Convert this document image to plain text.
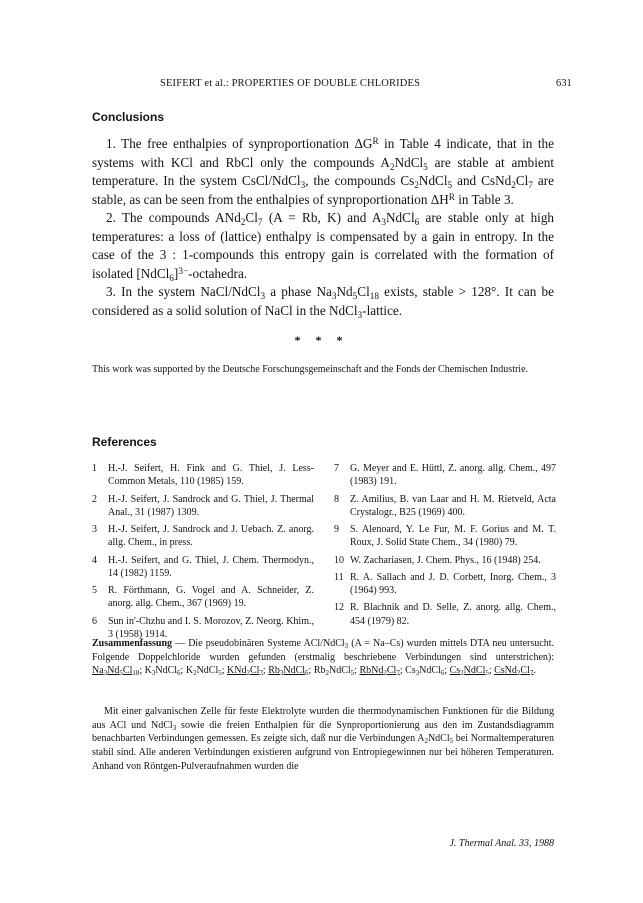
SEIFERT et al.: PROPERTIES OF DOUBLE CHLORIDES	631
Conclusions

1. The free enthalpies of synproportionation $\Delta G^R$ in Table 4 indicate, that in the systems with KCl and RbCl only the compounds $A_2NdCl_5$ are stable at ambient temperature. In the system CsCl/NdCl$_3$, the compounds $Cs_2NdCl_5$ and $CsNd_2Cl_7$ are stable, as can be seen from the enthalpies of synproportionation $\Delta H^R$ in Table 3.

2. The compounds $ANd_2Cl_7$ (A = Rb, K) and $A_3NdCl_6$ are stable only at high temperatures: a loss of (lattice) enthalpy is compensated by a gain in entropy. In the case of the 3 : 1-compounds this entropy gain is correlated with the formation of isolated [NdCl$_6$]$^{3-}$-octahedra.

3. In the system NaCl/NdCl$_3$ a phase $Na_3Nd_5Cl_{18}$ exists, stable > 128°. It can be considered as a solid solution of NaCl in the NdCl$_3$-lattice.

* * *

This work was supported by the Deutsche Forschungsgemeinschaft and the Fonds der Chemischen Industrie.

References
1	H.-J. Seifert, H. Fink and G. Thiel, J. Less-Common Metals, 110 (1985) 159.
2	H.-J. Seifert, J. Sandrock and G. Thiel, J. Thermal Anal., 31 (1987) 1309.
3	H.-J. Seifert, J. Sandrock and J. Uebach. Z. anorg. allg. Chem., in press.
4	H.-J. Seifert, and G. Thiel, J. Chem. Thermodyn., 14 (1982) 1159.
5	R. Förthmann, G. Vogel and A. Schneider, Z. anorg. allg. Chem., 367 (1969) 19.
6	Sun in'-Chzhu and I. S. Morozov, Z. Neorg. Khim., 3 (1958) 1914.
7	G. Meyer and E. Hüttl, Z. anorg. allg. Chem., 497 (1983) 191.
8	Z. Amilius, B. van Laar and H. M. Rietveld, Acta Crystalogr., B25 (1969) 400.
9	S. Alenoard, Y. Le Fur, M. F. Gorius and M. T. Roux, J. Solid State Chem., 34 (1980) 79.
10 W. Zachariasen, J. Chem. Phys., 16 (1948) 254.
11 R. A. Sallach and J. D. Corbett, Inorg. Chem., 3 (1964) 993.
12 R. Blachnik and D. Selle, Z. anorg. allg. Chem., 454 (1979) 82.

Zusammenfassung — Die pseudobinären Systeme ACl/NdCl$_3$ (A = Na–Cs) wurden mittels DTA neu untersucht. Folgende Doppelchloride wurden gefunden (erstmalig beschriebene Verbindungen sind unterstrichen): $Na_3Nd_5Cl_{18}$; $K_3NdCl_6$; $K_2NdCl_5$; $KNd_2Cl_7$; $Rb_3NdCl_6$; $Rb_2NdCl_5$; $RbNd_2Cl_7$; $Cs_3NdCl_6$; $Cs_2NdCl_5$; $CsNd_2Cl_7$.

Mit einer galvanischen Zelle für feste Elektrolyte wurden die thermodynamischen Funktionen für die Bildung aus ACl und NdCl$_3$ sowie die freien Enthalpien für die Synproportionierung aus den im Zustandsdiagramm benachbarten Verbindungen gemessen. Es zeigte sich, daß nur die Verbindungen $A_2NdCl_5$ bei Normaltemperaturen stabil sind. Alle anderen Verbindungen existieren aufgrund von Entropiegewinnen nur bei höheren Temperaturen. Anhand von Röntgen-Pulveraufnahmen wurden die

J. Thermal Anal. 33, 1988
